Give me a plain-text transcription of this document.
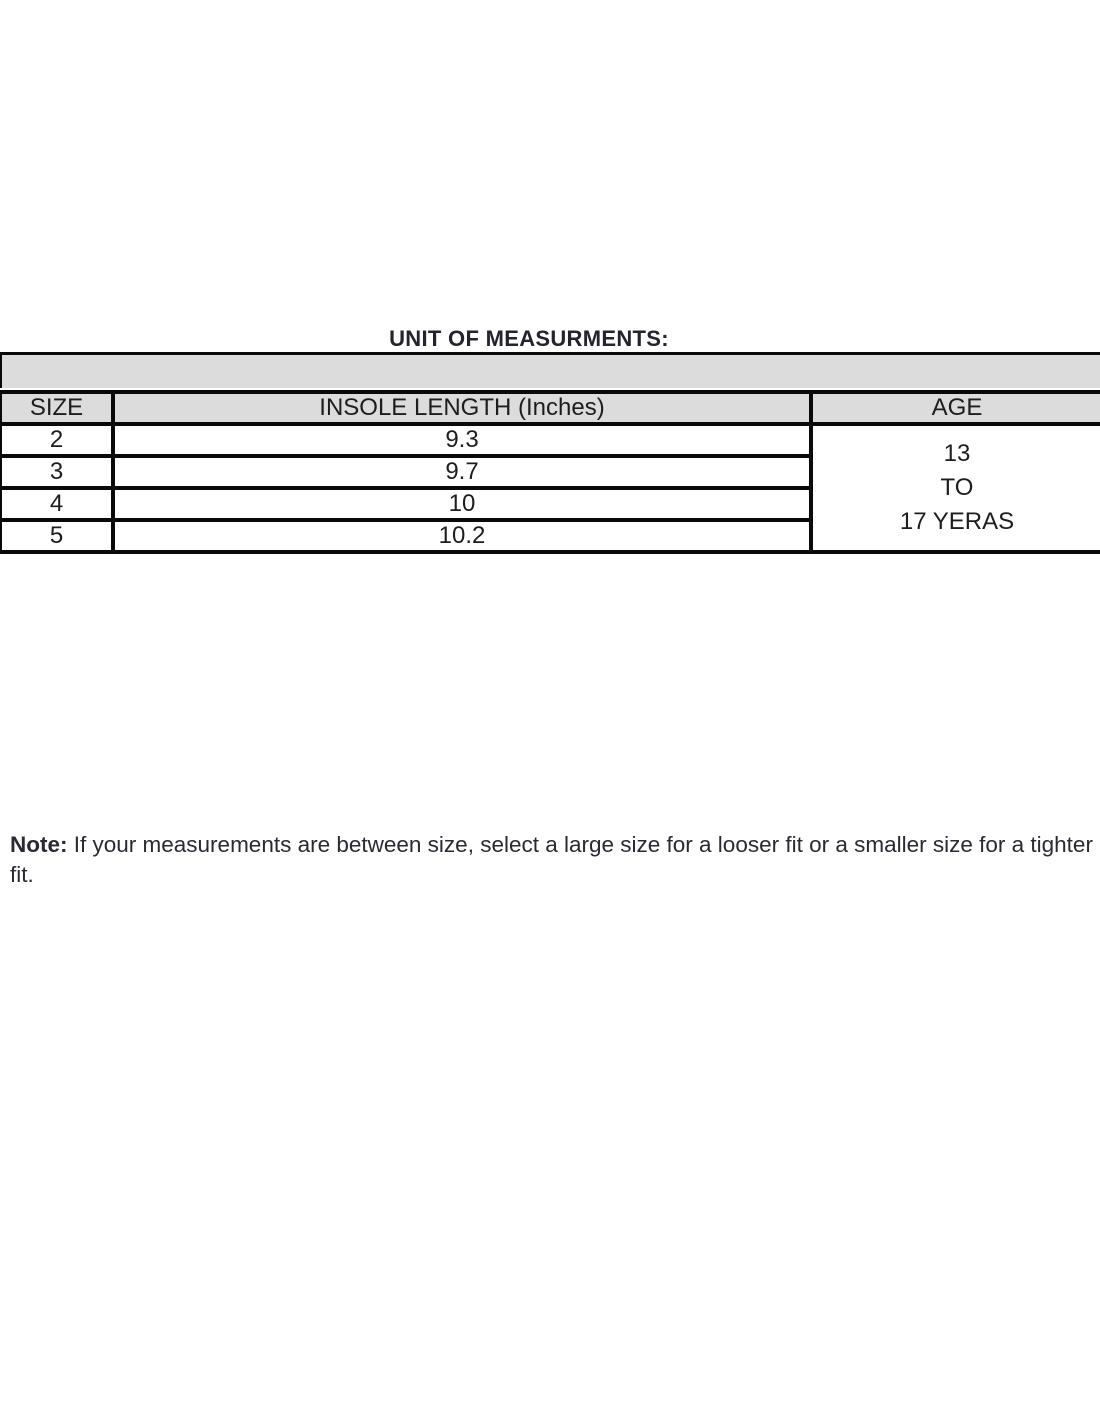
UNIT OF MEASURMENTS:
SIZE	INSOLE LENGTH (Inches)	AGE
2	9.3	13
TO
17 YERAS

3	9.7	
4	10	
5	10.2	
Note: If your measurements are between size, select a large size for a looser fit or a smaller size for a tighter fit.
